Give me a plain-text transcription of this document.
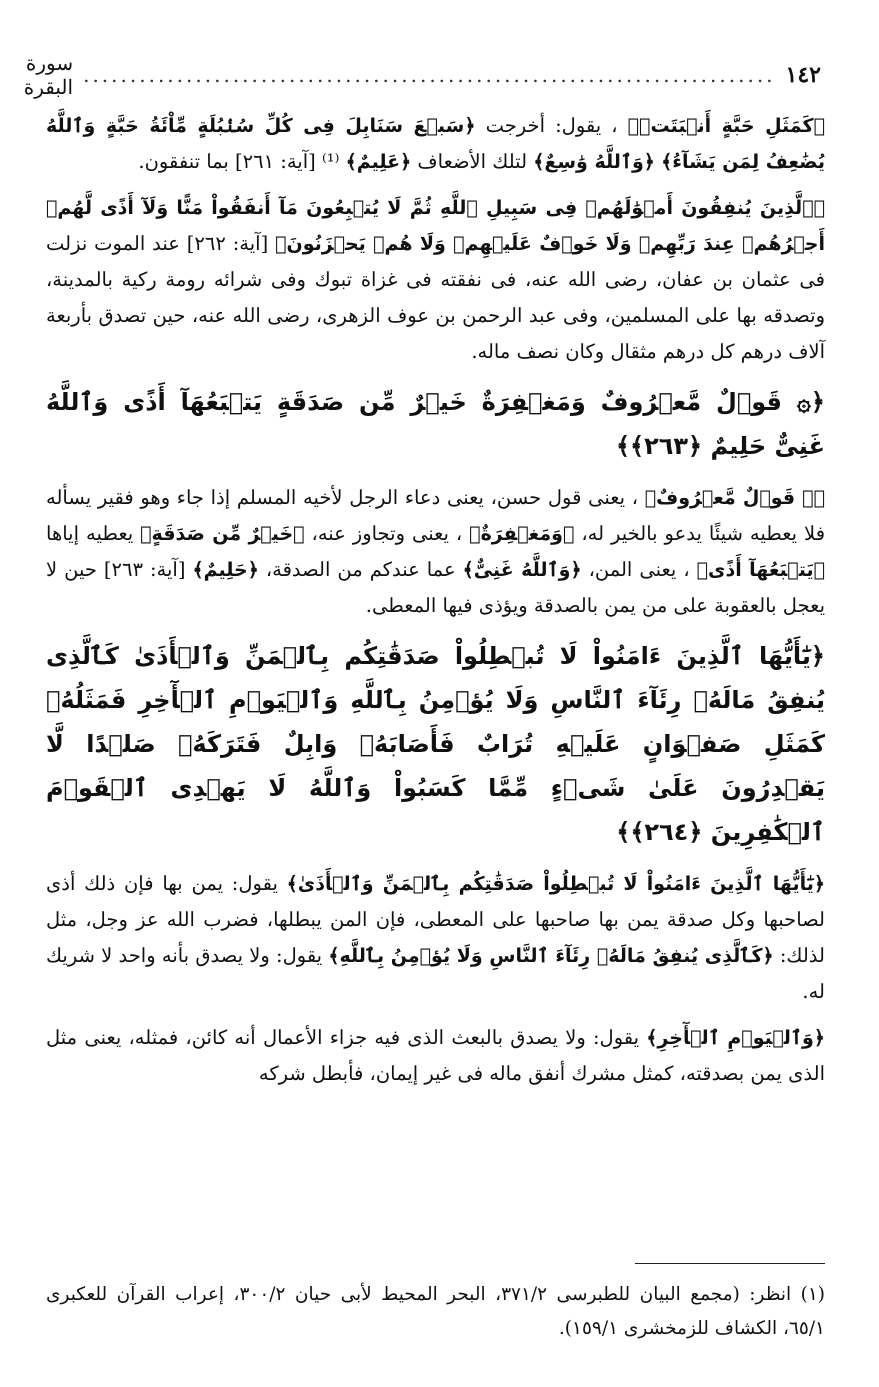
١٤٢
..........................................................................
سورة البقرة

﴿كَمَثَلِ حَبَّةٍ أَنۢبَتَتۡ﴾ ، يقول: أخرجت ﴿سَبۡعَ سَنَابِلَ فِى كُلِّ سُنۢبُلَةٍ مِّاْئَةُ حَبَّةٍ وَٱللَّهُ يُضَٰعِفُ لِمَن يَشَآءُ﴾ ﴿وَٱللَّهُ وَٰسِعٌ﴾ لتلك الأضعاف ﴿عَلِيمٌ﴾ ⁽¹⁾ [آية: ٢٦١] بما تنفقون.

﴿ٱلَّذِينَ يُنفِقُونَ أَمۡوَٰلَهُمۡ فِى سَبِيلِ ٱللَّهِ ثُمَّ لَا يُتۡبِعُونَ مَآ أَنفَقُواْ مَنًّا وَلَآ أَذًى لَّهُمۡ أَجۡرُهُمۡ عِندَ رَبِّهِمۡ وَلَا خَوۡفٌ عَلَيۡهِمۡ وَلَا هُمۡ يَحۡزَنُونَ﴾ [آية: ٢٦٢] عند الموت نزلت فى عثمان بن عفان، رضى الله عنه، فى نفقته فى غزاة تبوك وفى شرائه رومة ركية بالمدينة، وتصدقه بها على المسلمين، وفى عبد الرحمن بن عوف الزهرى، رضى الله عنه، حين تصدق بأربعة آلاف درهم كل درهم مثقال وكان نصف ماله.

﴿۞ قَوۡلٌ مَّعۡرُوفٌ وَمَغۡفِرَةٌ خَيۡرٌ مِّن صَدَقَةٍ يَتۡبَعُهَآ أَذًى وَٱللَّهُ غَنِىٌّ حَلِيمٌ ﴿٢٦٣﴾﴾

﴿۞ قَوۡلٌ مَّعۡرُوفٌ﴾ ، يعنى قول حسن، يعنى دعاء الرجل لأخيه المسلم إذا جاء وهو فقير يسأله فلا يعطيه شيئًا يدعو بالخير له، ﴿وَمَغۡفِرَةٌ﴾ ، يعنى وتجاوز عنه، ﴿خَيۡرٌ مِّن صَدَقَةٍ﴾ يعطيه إياها ﴿يَتۡبَعُهَآ أَذًى﴾ ، يعنى المن، ﴿وَٱللَّهُ غَنِىٌّ﴾ عما عندكم من الصدقة، ﴿حَلِيمٌ﴾ [آية: ٢٦٣] حين لا يعجل بالعقوبة على من يمن بالصدقة ويؤذى فيها المعطى.

﴿يَٰٓأَيُّهَا ٱلَّذِينَ ءَامَنُواْ لَا تُبۡطِلُواْ صَدَقَٰتِكُم بِٱلۡمَنِّ وَٱلۡأَذَىٰ كَٱلَّذِى يُنفِقُ مَالَهُۥ رِئَآءَ ٱلنَّاسِ وَلَا يُؤۡمِنُ بِٱللَّهِ وَٱلۡيَوۡمِ ٱلۡأٓخِرِ فَمَثَلُهُۥ كَمَثَلِ صَفۡوَانٍ عَلَيۡهِ تُرَابٌ فَأَصَابَهُۥ وَابِلٌ فَتَرَكَهُۥ صَلۡدًا لَّا يَقۡدِرُونَ عَلَىٰ شَىۡءٍ مِّمَّا كَسَبُواْ وَٱللَّهُ لَا يَهۡدِى ٱلۡقَوۡمَ ٱلۡكَٰفِرِينَ ﴿٢٦٤﴾﴾

﴿يَٰٓأَيُّهَا ٱلَّذِينَ ءَامَنُواْ لَا تُبۡطِلُواْ صَدَقَٰتِكُم بِٱلۡمَنِّ وَٱلۡأَذَىٰ﴾ يقول: يمن بها فإن ذلك أذى لصاحبها وكل صدقة يمن بها صاحبها على المعطى، فإن المن يبطلها، فضرب الله عز وجل، مثل لذلك: ﴿كَٱلَّذِى يُنفِقُ مَالَهُۥ رِئَآءَ ٱلنَّاسِ وَلَا يُؤۡمِنُ بِٱللَّهِ﴾ يقول: ولا يصدق بأنه واحد لا شريك له.

﴿وَٱلۡيَوۡمِ ٱلۡأٓخِرِ﴾ يقول: ولا يصدق بالبعث الذى فيه جزاء الأعمال أنه كائن، فمثله، يعنى مثل الذى يمن بصدقته، كمثل مشرك أنفق ماله فى غير إيمان، فأبطل شركه

(١) انظر: (مجمع البيان للطبرسى ٣٧١/٢، البحر المحيط لأبى حيان ٣٠٠/٢، إعراب القرآن للعكبرى ٦٥/١، الكشاف للزمخشرى ١٥٩/١).
